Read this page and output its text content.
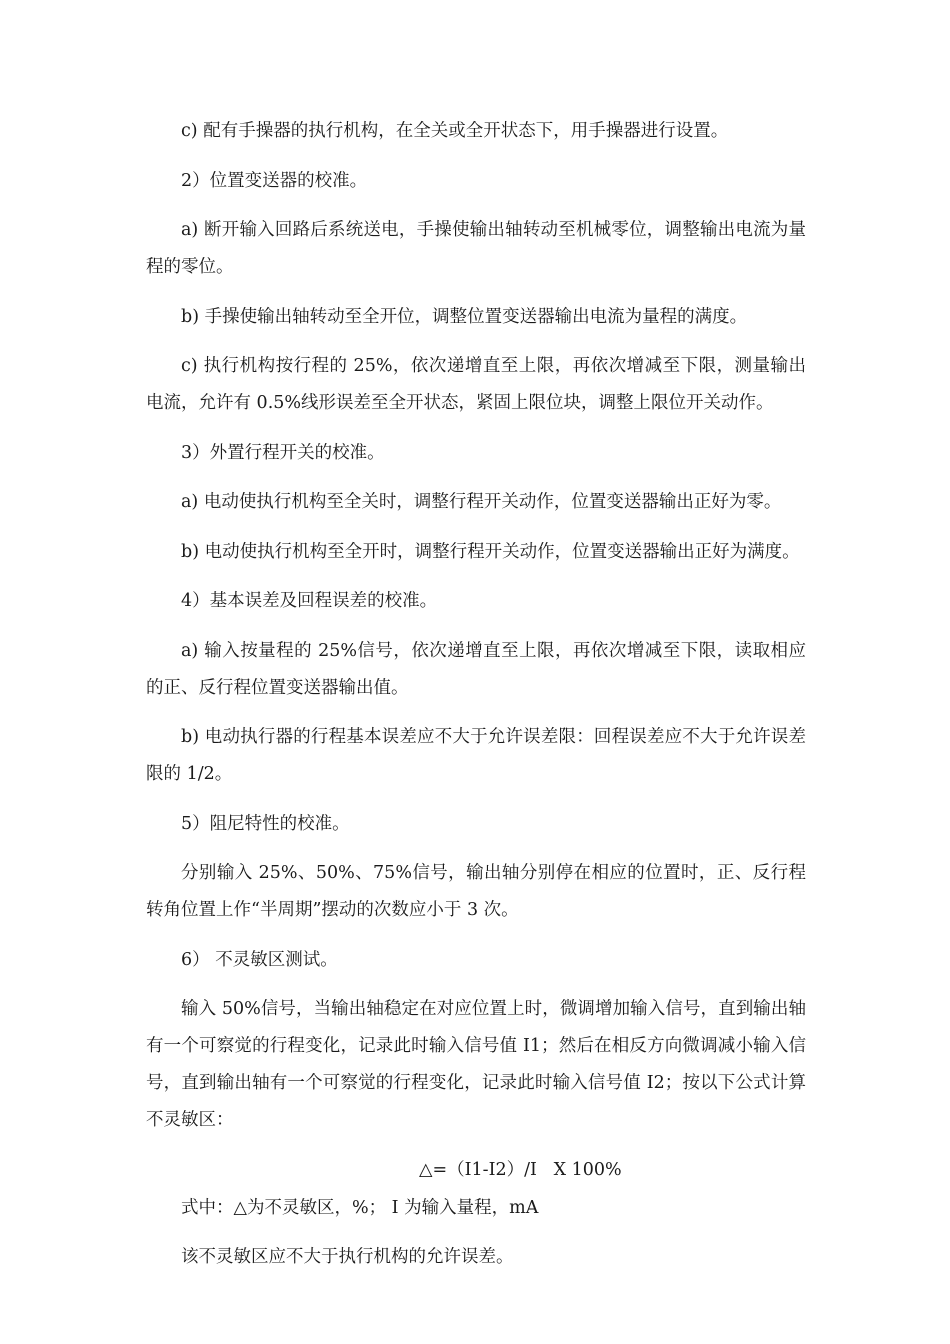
c) 配有手操器的执行机构，在全关或全开状态下，用手操器进行设置。

2）位置变送器的校准。

a) 断开输入回路后系统送电，手操使输出轴转动至机械零位，调整输出电流为量程的零位。

b) 手操使输出轴转动至全开位，调整位置变送器输出电流为量程的满度。

c) 执行机构按行程的 25%，依次递增直至上限，再依次增减至下限，测量输出电流，允许有 0.5%线形误差至全开状态，紧固上限位块，调整上限位开关动作。

3）外置行程开关的校准。

a) 电动使执行机构至全关时，调整行程开关动作，位置变送器输出正好为零。

b) 电动使执行机构至全开时，调整行程开关动作，位置变送器输出正好为满度。

4）基本误差及回程误差的校准。

a) 输入按量程的 25%信号，依次递增直至上限，再依次增减至下限，读取相应的正、反行程位置变送器输出值。

b) 电动执行器的行程基本误差应不大于允许误差限：回程误差应不大于允许误差限的 1/2。

5）阻尼特性的校准。

分别输入 25%、50%、75%信号，输出轴分别停在相应的位置时，正、反行程转角位置上作“半周期”摆动的次数应小于 3 次。

6） 不灵敏区测试。

输入 50%信号，当输出轴稳定在对应位置上时，微调增加输入信号，直到输出轴有一个可察觉的行程变化，记录此时输入信号值 I1；然后在相反方向微调减小输入信号，直到输出轴有一个可察觉的行程变化，记录此时输入信号值 I2；按以下公式计算不灵敏区：

△=（I1-I2）/I   X 100%

式中：△为不灵敏区，%； I 为输入量程，mA

该不灵敏区应不大于执行机构的允许误差。
